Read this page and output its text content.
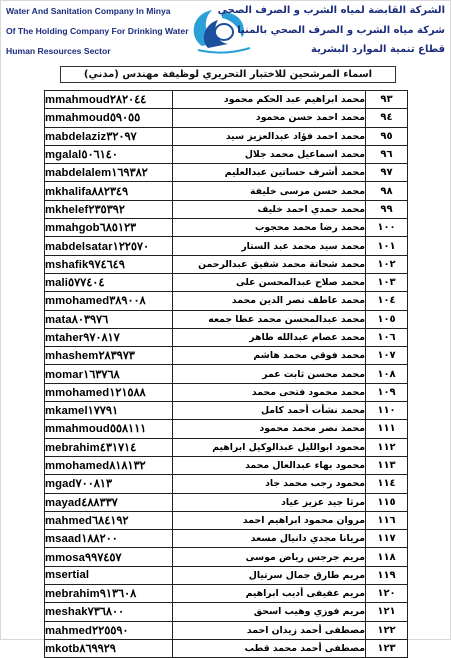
Water And Sanitation Company In Minya
Of The Holding Company For Drinking Water
Human Resources Sector
الشركة القابضة لمياه الشرب و الصرف الصحي
شركة مياه الشرب و الصرف الصحي بالمنيا
قطاع تنمية الموارد البشرية
اسماء المرشحين للاختبار التحريري لوظيفة مهندس (مدني)
mmahmoud٢٨٢٠٤٤	محمد ابراهيم عبد الحكم محمود	٩٣
mmahmoud٥٩٠٥٥	محمد احمد حسن محمود	٩٤
mabdelaziz٣٢٠٩٧	محمد احمد فؤاد عبدالعزيز سيد	٩٥
mgalal٥٠٦١٤٠	محمد اسماعيل محمد جلال	٩٦
mabdelalem١٦٩٣٨٢	محمد أشرف حساتين عبدالعليم	٩٧
mkhalifa٨٨٢٣٤٩	محمد حسن مرسى خليفة	٩٨
mkhelef٢٣٥٣٩٢	محمد حمدي احمد خليف	٩٩
mmahgob٦٨٥١٢٣	محمد رضا محمد محجوب	١٠٠
mabdelsatar١٢٢٥٧٠	محمد سيد محمد عبد الستار	١٠١
mshafik٩٧٤٦٤٩	محمد شحاتة محمد شفيق عبدالرحمن	١٠٢
mali٥٧٧٤٠٤	محمد صلاح عبدالمحسن على	١٠٣
mmohamed٣٨٩٠٠٨	محمد عاطف نصر الدين محمد	١٠٤
mata٨٠٣٩٧٦	محمد عبدالمحسن محمد عطا جمعه	١٠٥
mtaher٩٧٠٨١٧	محمد عصام عبدالله طاهر	١٠٦
mhashem٢٨٣٩٧٣	محمد فوقي محمد هاشم	١٠٧
momar١٦٣٧٦٨	محمد محسن ثابت عمر	١٠٨
mmohamed١٢١٥٨٨	محمد محمود فتحى محمد	١٠٩
mkamel١٧٧٩١	محمد نشأت أحمد كامل	١١٠
mmahmoud٥٥٨١١١	محمد نصر محمد محمود	١١١
mebrahim٤٣١٧١٤	محمود ابوالليل عبدالوكيل ابراهيم	١١٢
mmohamed٨١٨١٣٢	محمود بهاء عبدالعال محمد	١١٣
mgad٧٠٠٨١٣	محمود رجب محمد جاد	١١٤
mayad٤٨٨٣٣٧	مرثا جيد عزيز عياد	١١٥
mahmed٦٨٤١٩٢	مروان محمود ابراهيم احمد	١١٦
msaad١٨٨٢٠٠	مريانا مجدي دانيال مسعد	١١٧
mmosa٩٩٧٤٥٧	مريم جرجس رياض موسى	١١٨
msertial	مريم طارق جمال سرتيال	١١٩
mebrahim٩١٣٦٠٨	مريم عفيفى أديب ابراهيم	١٢٠
meshak٧٣٦٨٠٠	مريم فوزي وهيب اسحق	١٢١
mahmed٢٢٥٥٩٠	مصطفى أحمد زيدان احمد	١٢٢
mkotb٨٦٩٩٢٩	مصطفى أحمد محمد قطب	١٢٣
